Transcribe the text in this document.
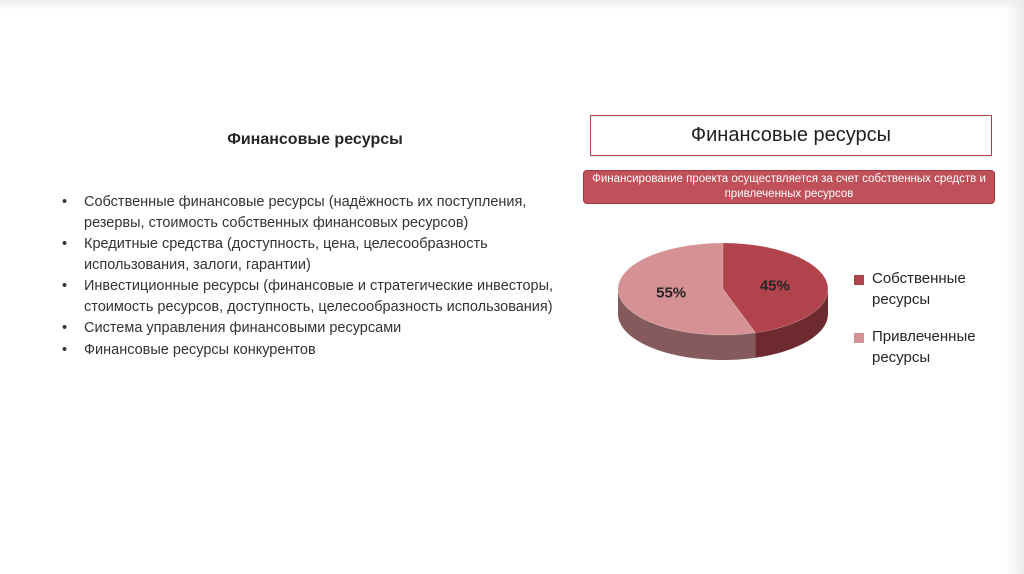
Финансовые ресурсы
• Собственные финансовые ресурсы (надёжность их поступления, резервы, стоимость собственных финансовых ресурсов)
• Кредитные средства (доступность, цена, целесообразность использования, залоги, гарантии)
• Инвестиционные ресурсы (финансовые и стратегические инвесторы, стоимость ресурсов, доступность, целесообразность использования)
• Система управления финансовыми ресурсами
• Финансовые ресурсы конкурентов
Финансовые ресурсы
Финансирование проекта осуществляется за счет собственных средств и привлеченных ресурсов
45%
55%
Собственные ресурсы
Привлеченные ресурсы
